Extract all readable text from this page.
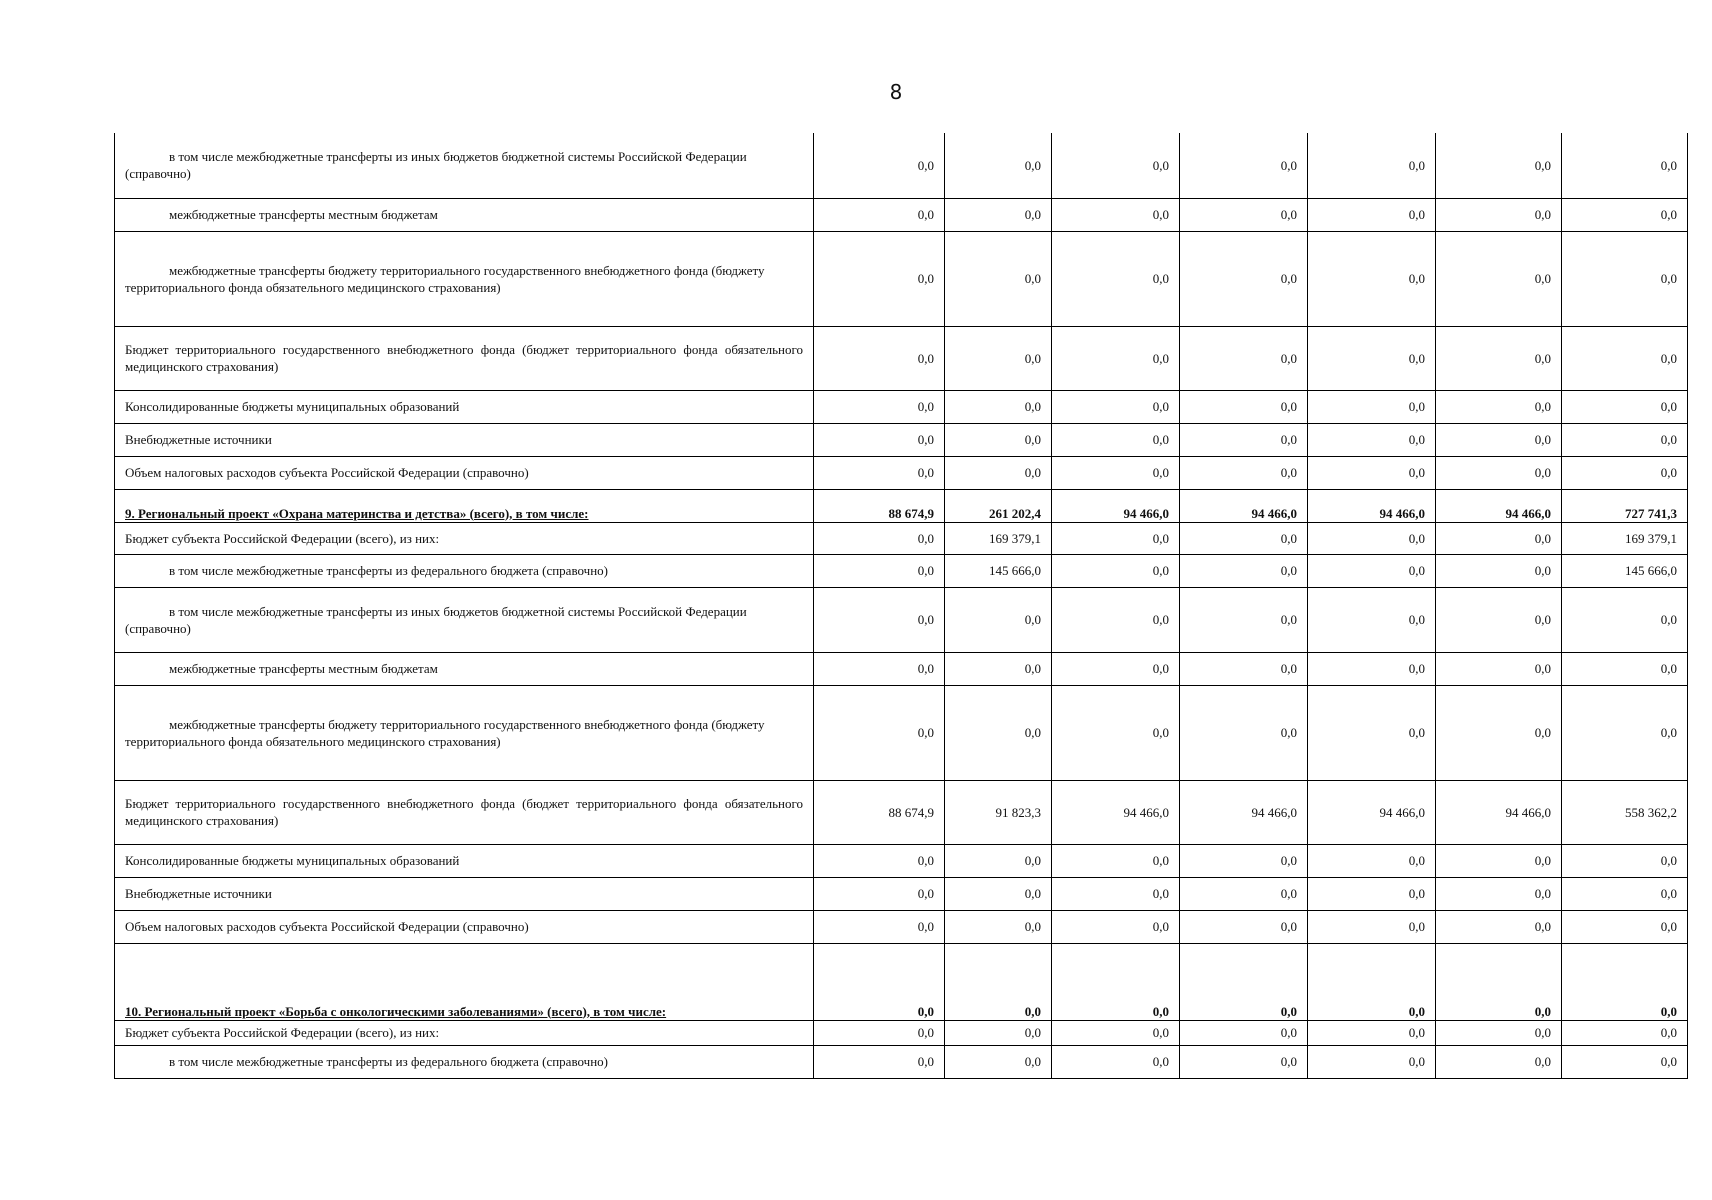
8
в том числе межбюджетные трансферты из иных бюджетов бюджетной системы Российской Федерации (справочно)	0,0	0,0	0,0	0,0	0,0	0,0	0,0
межбюджетные трансферты местным бюджетам	0,0	0,0	0,0	0,0	0,0	0,0	0,0
межбюджетные трансферты бюджету территориального государственного внебюджетного фонда (бюджету территориального фонда обязательного медицинского страхования)	0,0	0,0	0,0	0,0	0,0	0,0	0,0
Бюджет территориального государственного внебюджетного фонда (бюджет территориального фонда обязательного медицинского страхования)	0,0	0,0	0,0	0,0	0,0	0,0	0,0
Консолидированные бюджеты муниципальных образований	0,0	0,0	0,0	0,0	0,0	0,0	0,0
Внебюджетные источники	0,0	0,0	0,0	0,0	0,0	0,0	0,0
Объем налоговых расходов субъекта Российской Федерации (справочно)	0,0	0,0	0,0	0,0	0,0	0,0	0,0
9. Региональный проект «Охрана материнства и детства» (всего), в том числе:	88 674,9	261 202,4	94 466,0	94 466,0	94 466,0	94 466,0	727 741,3
Бюджет субъекта Российской Федерации (всего), из них:	0,0	169 379,1	0,0	0,0	0,0	0,0	169 379,1
в том числе межбюджетные трансферты из федерального бюджета (справочно)	0,0	145 666,0	0,0	0,0	0,0	0,0	145 666,0
в том числе межбюджетные трансферты из иных бюджетов бюджетной системы Российской Федерации (справочно)	0,0	0,0	0,0	0,0	0,0	0,0	0,0
межбюджетные трансферты местным бюджетам	0,0	0,0	0,0	0,0	0,0	0,0	0,0
межбюджетные трансферты бюджету территориального государственного внебюджетного фонда (бюджету территориального фонда обязательного медицинского страхования)	0,0	0,0	0,0	0,0	0,0	0,0	0,0
Бюджет территориального государственного внебюджетного фонда (бюджет территориального фонда обязательного медицинского страхования)	88 674,9	91 823,3	94 466,0	94 466,0	94 466,0	94 466,0	558 362,2
Консолидированные бюджеты муниципальных образований	0,0	0,0	0,0	0,0	0,0	0,0	0,0
Внебюджетные источники	0,0	0,0	0,0	0,0	0,0	0,0	0,0
Объем налоговых расходов субъекта Российской Федерации (справочно)	0,0	0,0	0,0	0,0	0,0	0,0	0,0
10. Региональный проект «Борьба с онкологическими заболеваниями» (всего), в том числе:	0,0	0,0	0,0	0,0	0,0	0,0	0,0
Бюджет субъекта Российской Федерации (всего), из них:	0,0	0,0	0,0	0,0	0,0	0,0	0,0
в том числе межбюджетные трансферты из федерального бюджета (справочно)	0,0	0,0	0,0	0,0	0,0	0,0	0,0
